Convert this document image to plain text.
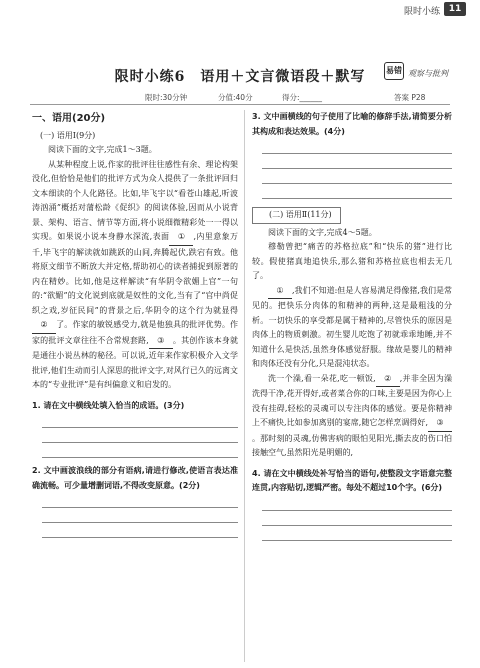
限时小练 11
限时小练6　语用＋文言微语段＋默写	易错 观察与批判
限时:30分钟	分值:40分	得分:______	答案 P28
一、语用(20分)
(一) 语用Ⅰ(9分)
阅读下面的文字,完成1～3题。
从某种程度上说,作家的批评往往感性有余、理论构架没化,但恰恰是他们的批评方式为众人提供了一条批评回归文本细读的个人化路径。比如,毕飞宇以“看苍山雄起,听波涛汹涌”概括对蒲松龄《促织》的阅读体验,因而从小说背景、架构、语言、情节等方面,将小说细微精彩处一一得以实现。如果说小说本身静水深流,表面 ① ,内里意象万千,毕飞宇的解读就如跳跃的山间,奔腾起伏,跌宕有致。他将原文细节不断放大并定格,帮助初心的读者捕捉到原著的内在精妙。比如,他是这样解读“有华阴令欲媚上官”一句的:“欲媚”的文化说到底就是奴性的文化,当有了“官中尚促织之戏,岁征民间”的背景之后,华阴令的这个行为就显得② 了。作家的敏锐感受力,就是他独具的批评优势。作家的批评文章往往不合常规套路, ③ 。其创作该本身就是通往小说丛林的秘径。可以说,近年来作家积极介入文学批评,他们生动而引人深思的批评文字,对风行已久的远离文本的“专业批评”是有纠偏意义和启发的。
1. 请在文中横线处填入恰当的成语。(3分)
2. 文中画波浪线的部分有语病,请进行修改,使语言表达准确流畅。可少量增删词语,不得改变原意。(2分)
3. 文中画横线的句子使用了比喻的修辞手法,请简要分析其构成和表达效果。(4分)
(二) 语用Ⅱ(11分)
阅读下面的文字,完成4～5题。
穆勒曾把“痛苦的苏格拉底”和“快乐的猪”进行比较。假使猪真地追快乐,那么猪和苏格拉底也相去无几了。
① ,我们不知道:但是人容易满足得像猪,我们是常见的。把快乐分肉体的和精神的两种,这是最粗浅的分析。一切快乐的享受都是属于精神的,尽管快乐的原因是肉体上的物质刺激。初生婴儿吃饱了初就乖乖地睡,并不知道什么是快活,虽然身体感觉舒服。缘故是婴儿的精神和肉体还没有分化,只是混沌状态。
洗一个澡,看一朵花,吃一顿饭, ② ,并非全因为澡洗得干净,花开得好,或者菜合你的口味,主要是因为你心上没有挂碍,轻松的灵魂可以专注肉体的感觉。要是你精神上不痛快,比如参加离别的宴席,随它怎样烹调得好, ③。那时刻的灵魂,仿佛害病的眼怕见阳光,撕去皮的伤口怕接触空气,虽然阳光是明媚的,
4. 请在文中横线处补写恰当的语句,使整段文字语意完整连贯,内容贴切,逻辑严密。每处不超过10个字。(6分)
